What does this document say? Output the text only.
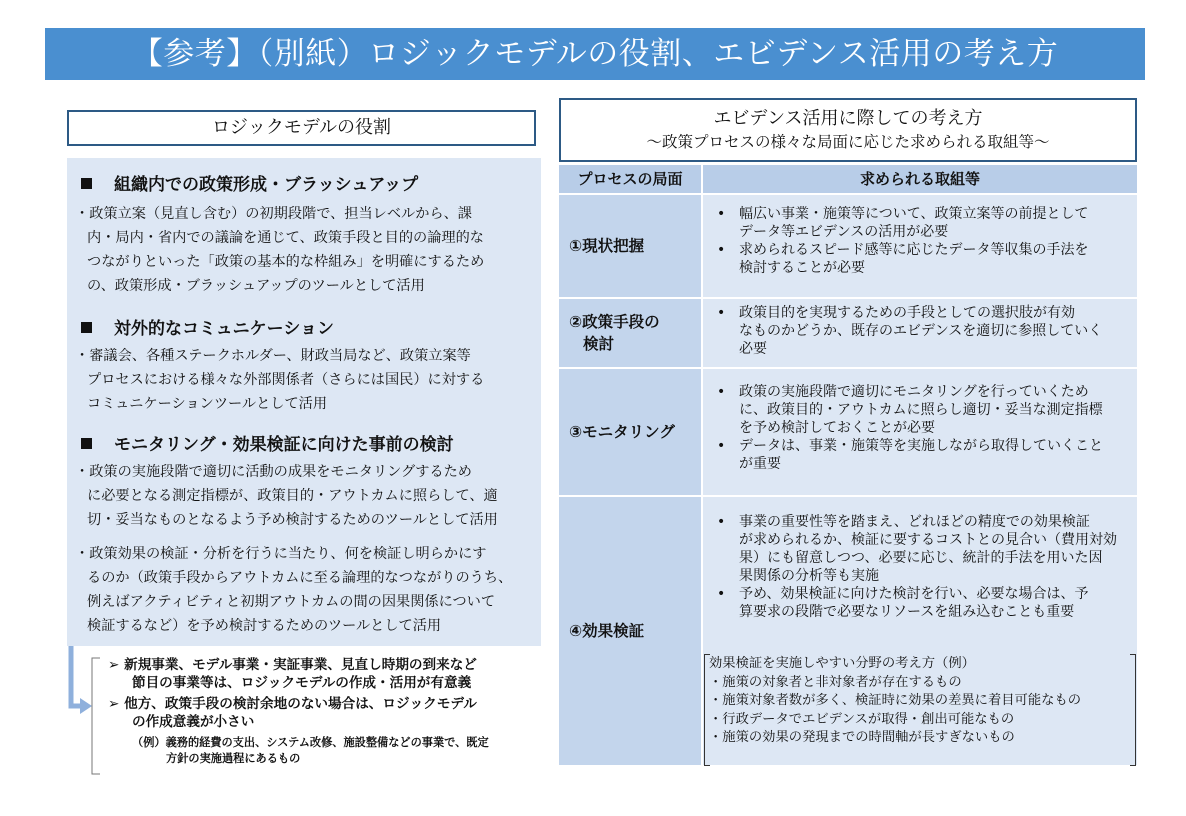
【参考】（別紙）ロジックモデルの役割、エビデンス活用の考え方
ロジックモデルの役割
組織内での政策形成・ブラッシュアップ
・政策立案（見直し含む）の初期段階で、担当レベルから、課
内・局内・省内での議論を通じて、政策手段と目的の論理的な
つながりといった「政策の基本的な枠組み」を明確にするため
の、政策形成・ブラッシュアップのツールとして活用
対外的なコミュニケーション
・審議会、各種ステークホルダー、財政当局など、政策立案等
プロセスにおける様々な外部関係者（さらには国民）に対する
コミュニケーションツールとして活用
モニタリング・効果検証に向けた事前の検討
・政策の実施段階で適切に活動の成果をモニタリングするため
に必要となる測定指標が、政策目的・アウトカムに照らして、適
切・妥当なものとなるよう予め検討するためのツールとして活用
・政策効果の検証・分析を行うに当たり、何を検証し明らかにす
るのか（政策手段からアウトカムに至る論理的なつながりのうち、
例えばアクティビティと初期アウトカムの間の因果関係について
検証するなど）を予め検討するためのツールとして活用
➢ 新規事業、モデル事業・実証事業、見直し時期の到来など
節目の事業等は、ロジックモデルの作成・活用が有意義
➢ 他方、政策手段の検討余地のない場合は、ロジックモデル
の作成意義が小さい
（例）義務的経費の支出、システム改修、施設整備などの事業で、既定
方針の実施過程にあるもの
エビデンス活用に際しての考え方
～政策プロセスの様々な局面に応じた求められる取組等～
プロセスの局面	求められる取組等
①現状把握
• 幅広い事業・施策等について、政策立案等の前提として
データ等エビデンスの活用が必要
• 求められるスピード感等に応じたデータ等収集の手法を
検討することが必要
②政策手段の
検討
• 政策目的を実現するための手段としての選択肢が有効
なものかどうか、既存のエビデンスを適切に参照していく
必要
③モニタリング
• 政策の実施段階で適切にモニタリングを行っていくため
に、政策目的・アウトカムに照らし適切・妥当な測定指標
を予め検討しておくことが必要
• データは、事業・施策等を実施しながら取得していくこと
が重要
④効果検証
• 事業の重要性等を踏まえ、どれほどの精度での効果検証
が求められるか、検証に要するコストとの見合い（費用対効
果）にも留意しつつ、必要に応じ、統計的手法を用いた因
果関係の分析等も実施
• 予め、効果検証に向けた検討を行い、必要な場合は、予
算要求の段階で必要なリソースを組み込むことも重要
効果検証を実施しやすい分野の考え方（例）
・施策の対象者と非対象者が存在するもの
・施策対象者数が多く、検証時に効果の差異に着目可能なもの
・行政データでエビデンスが取得・創出可能なもの
・施策の効果の発現までの時間軸が長すぎないもの
